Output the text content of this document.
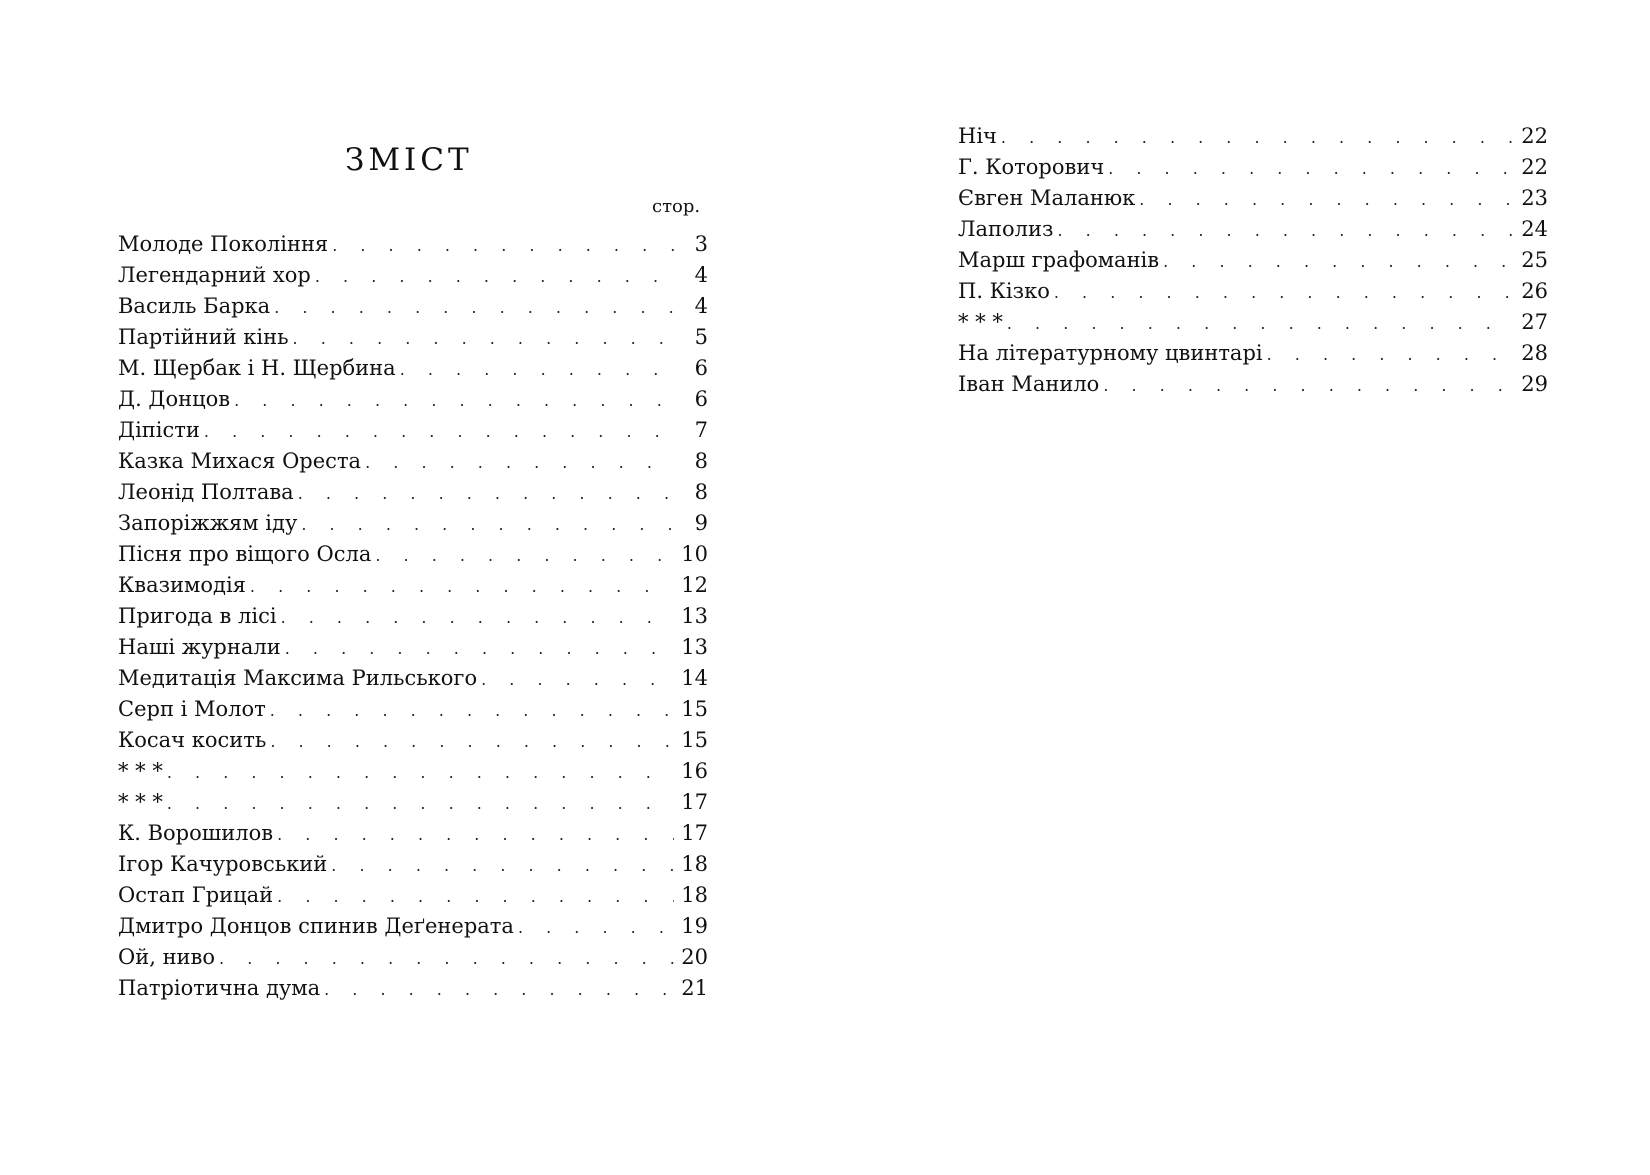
ЗМІСТ
стор.
Молоде Покоління . . .	3
Легендарний хор . . .	4
Василь Барка . . .	4
Партійний кінь . . .	5
М. Щербак і Н. Щербина . . .	6
Д. Донцов . . .	6
Діпісти . . .	7
Казка Михася Ореста . . .	8
Леонід Полтава . . .	8
Запоріжжям іду . . .	9
Пісня про віщого Осла . . .	10
Квазимодія . . .	12
Пригода в лісі . . .	13
Наші журнали . . .	13
Медитація Максима Рильського . . .	14
Серп і Молот . . .	15
Косач косить . . .	15
* * * . . .	16
* * * . . .	17
К. Ворошилов . . .	17
Ігор Качуровський . . .	18
Остап Грицай . . .	18
Дмитро Донцов спинив Деґенерата . . .	19
Ой, ниво . . .	20
Патріотична дума . . .	21
Ніч . . .	22
Г. Которович . . .	22
Євген Маланюк . . .	23
Лаполиз . . .	24
Марш графоманів . . .	25
П. Кізко . . .	26
* * * . . .	27
На літературному цвинтарі . . .	28
Іван Манило . . .	29
